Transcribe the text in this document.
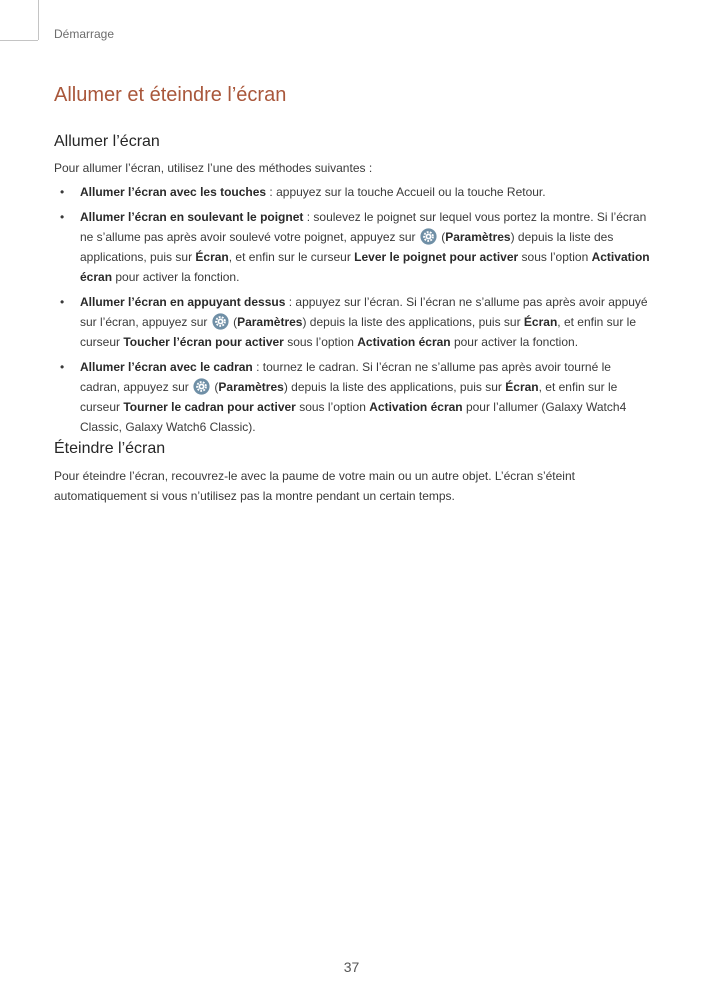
Démarrage
Allumer et éteindre l’écran
Allumer l’écran

Pour allumer l’écran, utilisez l’une des méthodes suivantes :

• Allumer l’écran avec les touches : appuyez sur la touche Accueil ou la touche Retour.
• Allumer l’écran en soulevant le poignet : soulevez le poignet sur lequel vous portez la montre. Si l’écran ne s’allume pas après avoir soulevé votre poignet, appuyez sur  (Paramètres) depuis la liste des applications, puis sur Écran, et enfin sur le curseur Lever le poignet pour activer sous l’option Activation écran pour activer la fonction.
• Allumer l’écran en appuyant dessus : appuyez sur l’écran. Si l’écran ne s’allume pas après avoir appuyé sur l’écran, appuyez sur  (Paramètres) depuis la liste des applications, puis sur Écran, et enfin sur le curseur Toucher l’écran pour activer sous l’option Activation écran pour activer la fonction.
• Allumer l’écran avec le cadran : tournez le cadran. Si l’écran ne s’allume pas après avoir tourné le cadran, appuyez sur  (Paramètres) depuis la liste des applications, puis sur Écran, et enfin sur le curseur Tourner le cadran pour activer sous l’option Activation écran pour l’allumer (Galaxy Watch4 Classic, Galaxy Watch6 Classic).
Éteindre l’écran

Pour éteindre l’écran, recouvrez-le avec la paume de votre main ou un autre objet. L’écran s’éteint automatiquement si vous n’utilisez pas la montre pendant un certain temps.

37
